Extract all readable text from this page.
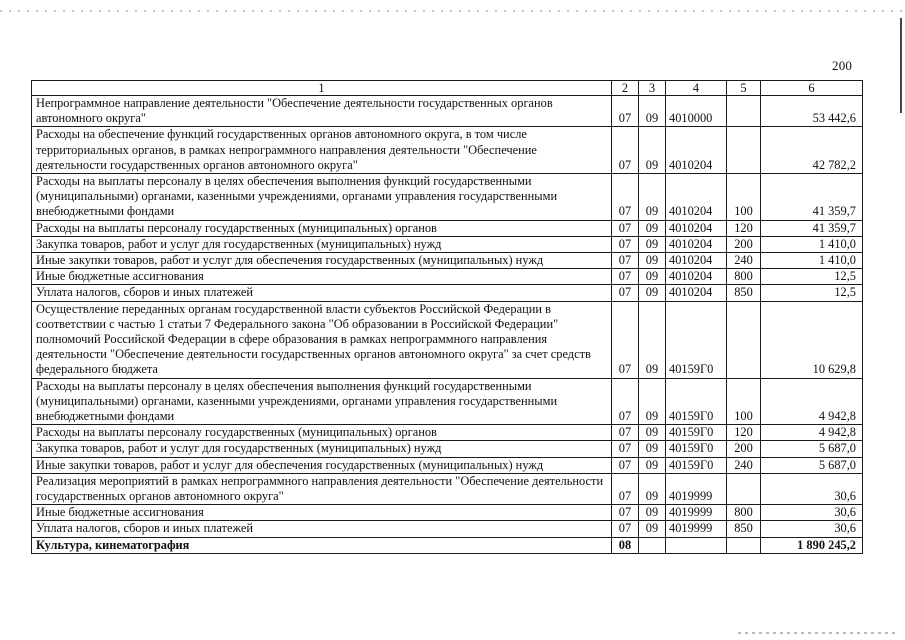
200
1	2	3	4	5	6
Непрограммное направление деятельности "Обеспечение деятельности государственных органов автономного округа"	07	09	4010000		53 442,6
Расходы на обеспечение функций государственных органов автономного округа, в том числе территориальных органов, в рамках непрограммного направления деятельности "Обеспечение деятельности государственных органов автономного округа"	07	09	4010204		42 782,2
Расходы на выплаты персоналу в целях обеспечения выполнения функций государственными (муниципальными) органами, казенными учреждениями, органами управления государственными внебюджетными фондами	07	09	4010204	100	41 359,7
Расходы на выплаты персоналу государственных (муниципальных) органов	07	09	4010204	120	41 359,7
Закупка товаров, работ и услуг для государственных (муниципальных) нужд	07	09	4010204	200	1 410,0
Иные закупки товаров, работ и услуг для обеспечения государственных (муниципальных) нужд	07	09	4010204	240	1 410,0
Иные бюджетные ассигнования	07	09	4010204	800	12,5
Уплата налогов, сборов и иных платежей	07	09	4010204	850	12,5
Осуществление переданных органам государственной власти субъектов Российской Федерации в соответствии с частью 1 статьи 7 Федерального закона "Об образовании в Российской Федерации" полномочий Российской Федерации в сфере образования в рамках непрограммного направления деятельности "Обеспечение деятельности государственных органов автономного округа" за счет средств федерального бюджета	07	09	40159Г0		10 629,8
Расходы на выплаты персоналу в целях обеспечения выполнения функций государственными (муниципальными) органами, казенными учреждениями, органами управления государственными внебюджетными фондами	07	09	40159Г0	100	4 942,8
Расходы на выплаты персоналу государственных (муниципальных) органов	07	09	40159Г0	120	4 942,8
Закупка товаров, работ и услуг для государственных (муниципальных) нужд	07	09	40159Г0	200	5 687,0
Иные закупки товаров, работ и услуг для обеспечения государственных (муниципальных) нужд	07	09	40159Г0	240	5 687,0
Реализация мероприятий в рамках непрограммного направления деятельности "Обеспечение деятельности государственных органов автономного округа"	07	09	4019999		30,6
Иные бюджетные ассигнования	07	09	4019999	800	30,6
Уплата налогов, сборов и иных платежей	07	09	4019999	850	30,6
Культура, кинематография	08				1 890 245,2
